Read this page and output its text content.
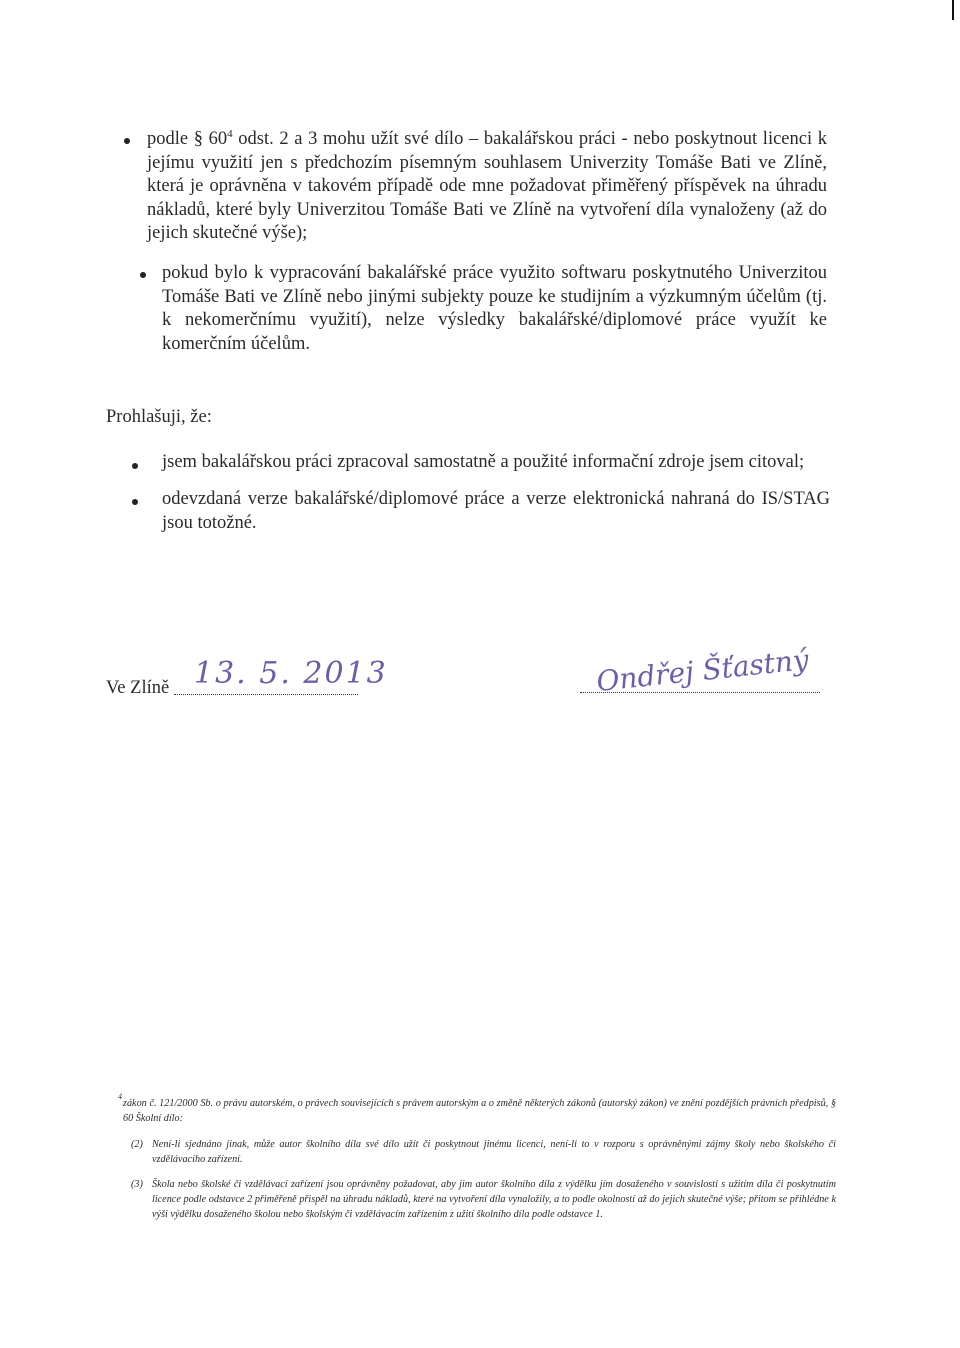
podle § $60^4$ odst. 2 a 3 mohu užít své dílo – bakalářskou práci - nebo poskytnout licenci k jejímu využití jen s předchozím písemným souhlasem Univerzity Tomáše Bati ve Zlíně, která je oprávněna v takovém případě ode mne požadovat přiměřený příspěvek na úhradu nákladů, které byly Univerzitou Tomáše Bati ve Zlíně na vytvoření díla vynaloženy (až do jejich skutečné výše);

pokud bylo k vypracování bakalářské práce využito softwaru poskytnutého Univerzitou Tomáše Bati ve Zlíně nebo jinými subjekty pouze ke studijním a výzkumným účelům (tj. k nekomerčnímu využití), nelze výsledky bakalářské/diplomové práce využít ke komerčním účelům.

Prohlašuji, že:

jsem bakalářskou práci zpracoval samostatně a použité informační zdroje jsem citoval;

odevzdaná verze bakalářské/diplomové práce a verze elektronická nahraná do IS/STAG jsou totožné.

Ve Zlíně 13. 5. 2013	Ondřej Šťastný
4

zákon č. 121/2000 Sb. o právu autorském, o právech souvisejících s právem autorským a o změně některých zákonů (autorský zákon) ve znění pozdějších právních předpisů, § 60 Školní dílo:

(2) Není-li sjednáno jinak, může autor školního díla své dílo užít či poskytnout jinému licenci, není-li to v rozporu s oprávněnými zájmy školy nebo školského či vzdělávacího zařízení.

(3) Škola nebo školské či vzdělávací zařízení jsou oprávněny požadovat, aby jim autor školního díla z výdělku jím dosaženého v souvislosti s užitím díla či poskytnutím licence podle odstavce 2 přiměřeně přispěl na úhradu nákladů, které na vytvoření díla vynaložily, a to podle okolností až do jejich skutečné výše; přitom se přihlédne k výši výdělku dosaženého školou nebo školským či vzdělávacím zařízením z užití školního díla podle odstavce 1.
